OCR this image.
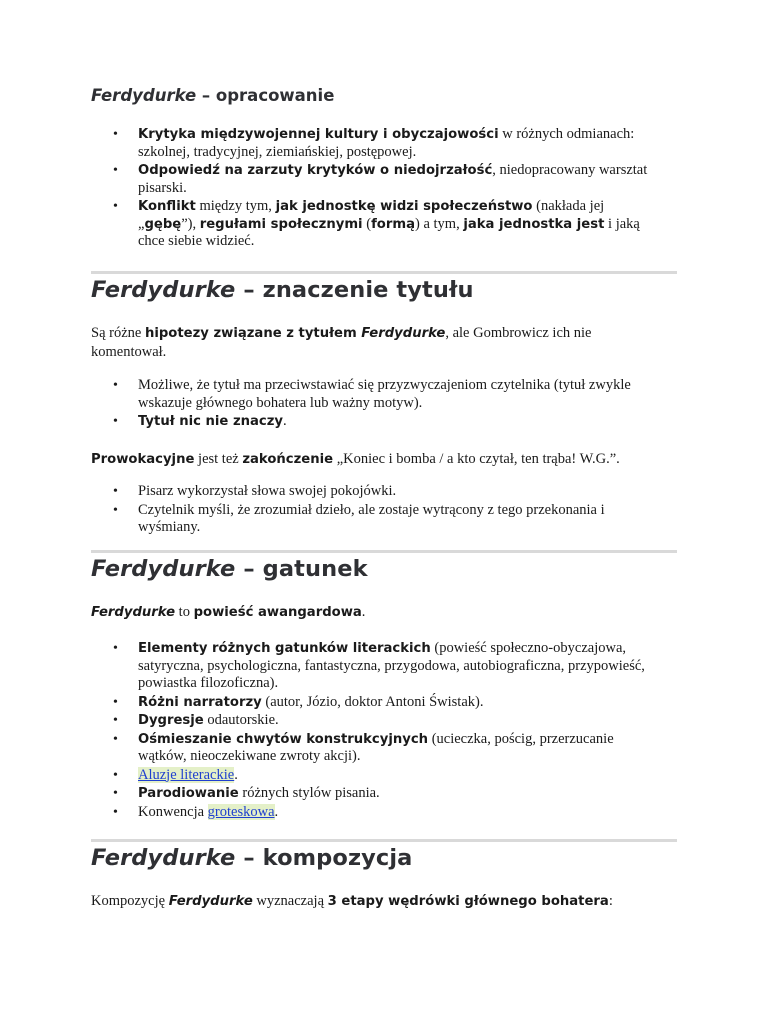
Ferdydurke – opracowanie
• Krytyka międzywojennej kultury i obyczajowości w różnych odmianach: szkolnej, tradycyjnej, ziemiańskiej, postępowej.
• Odpowiedź na zarzuty krytyków o niedojrzałość, niedopracowany warsztat pisarski.
• Konflikt między tym, jak jednostkę widzi społeczeństwo (nakłada jej „gębę”), regułami społecznymi (formą) a tym, jaka jednostka jest i jaką chce siebie widzieć.
Ferdydurke – znaczenie tytułu
Są różne hipotezy związane z tytułem Ferdydurke, ale Gombrowicz ich nie komentował.
• Możliwe, że tytuł ma przeciwstawiać się przyzwyczajeniom czytelnika (tytuł zwykle wskazuje głównego bohatera lub ważny motyw).
• Tytuł nic nie znaczy.
Prowokacyjne jest też zakończenie „Koniec i bomba / a kto czytał, ten trąba! W.G.”.
• Pisarz wykorzystał słowa swojej pokojówki.
• Czytelnik myśli, że zrozumiał dzieło, ale zostaje wytrącony z tego przekonania i wyśmiany.
Ferdydurke – gatunek
Ferdydurke to powieść awangardowa.
• Elementy różnych gatunków literackich (powieść społeczno-obyczajowa, satyryczna, psychologiczna, fantastyczna, przygodowa, autobiograficzna, przypowieść, powiastka filozoficzna).
• Różni narratorzy (autor, Józio, doktor Antoni Świstak).
• Dygresje odautorskie.
• Ośmieszanie chwytów konstrukcyjnych (ucieczka, pościg, przerzucanie wątków, nieoczekiwane zwroty akcji).
• Aluzje literackie.
• Parodiowanie różnych stylów pisania.
• Konwencja groteskowa.
Ferdydurke – kompozycja
Kompozycję Ferdydurke wyznaczają 3 etapy wędrówki głównego bohatera:
